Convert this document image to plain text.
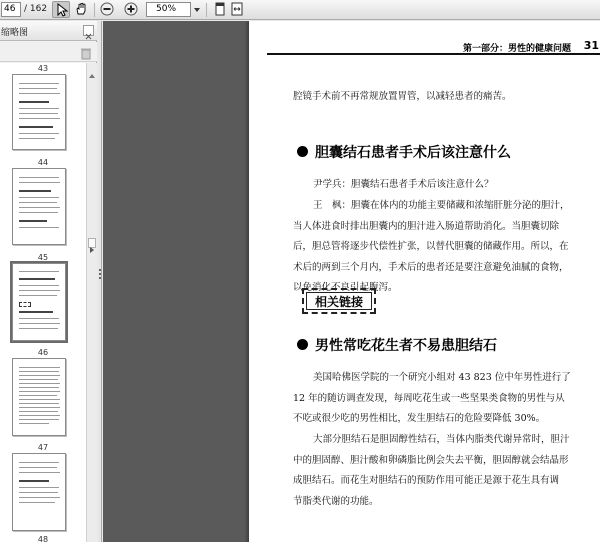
46 / 162	50%
缩略图
43
44
45
46
47
48
第一部分：男性的健康问题 31
腔镜手术前不再常规放置胃管，以减轻患者的痛苦。
胆囊结石患者手术后该注意什么
尹学兵：胆囊结石患者手术后该注意什么？
王　枫：胆囊在体内的功能主要储藏和浓缩肝脏分泌的胆汁，
当人体进食时排出胆囊内的胆汁进入肠道帮助消化。当胆囊切除
后，胆总管将逐步代偿性扩张，以替代胆囊的储藏作用。所以，在
术后的两到三个月内，手术后的患者还是要注意避免油腻的食物，
以免消化不良引起腹泻。
相关链接
男性常吃花生者不易患胆结石
美国哈佛医学院的一个研究小组对 43 823 位中年男性进行了
12 年的随访调查发现，每周吃花生或一些坚果类食物的男性与从
不吃或很少吃的男性相比，发生胆结石的危险要降低 30%。
大部分胆结石是胆固醇性结石，当体内脂类代谢异常时，胆汁
中的胆固醇、胆汁酸和卵磷脂比例会失去平衡，胆固醇就会结晶形
成胆结石。而花生对胆结石的预防作用可能正是源于花生具有调
节脂类代谢的功能。
